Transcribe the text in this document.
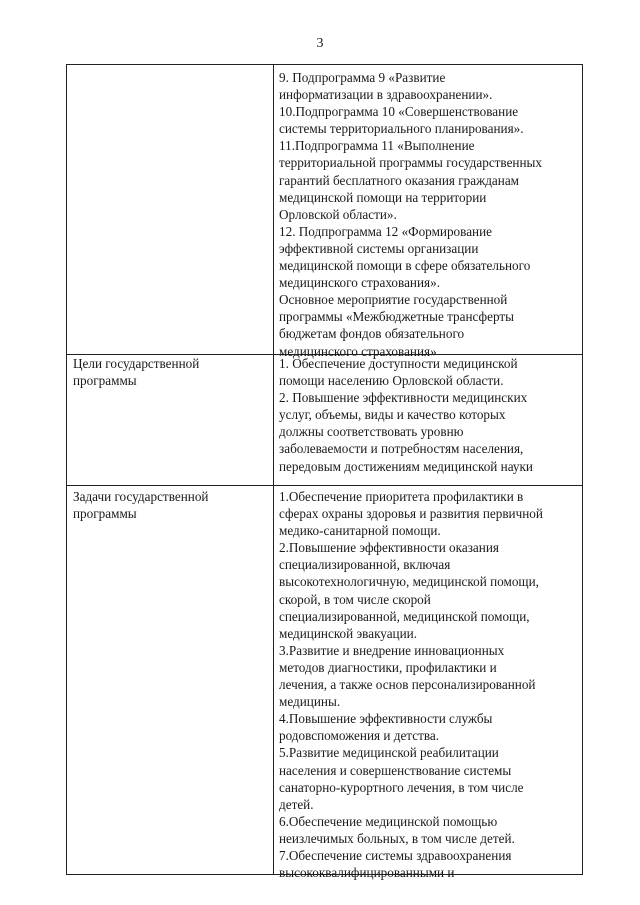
3
9. Подпрограмма 9 «Развитие
информатизации в здравоохранении».
10.Подпрограмма 10 «Совершенствование
системы территориального планирования».
11.Подпрограмма 11 «Выполнение
территориальной программы государственных
гарантий бесплатного оказания гражданам
медицинской помощи на территории
Орловской области».
12. Подпрограмма 12 «Формирование
эффективной системы организации
медицинской помощи в сфере обязательного
медицинского страхования».
Основное мероприятие государственной
программы «Межбюджетные трансферты
бюджетам фондов обязательного
медицинского страхования»
Цели государственной
программы
1. Обеспечение доступности медицинской
помощи населению Орловской области.
2. Повышение эффективности медицинских
услуг, объемы, виды и качество которых
должны соответствовать уровню
заболеваемости и потребностям населения,
передовым достижениям медицинской науки
Задачи государственной
программы
1.Обеспечение приоритета профилактики в
сферах охраны здоровья и развития первичной
медико-санитарной помощи.
2.Повышение эффективности оказания
специализированной, включая
высокотехнологичную, медицинской помощи,
скорой, в том числе скорой
специализированной, медицинской помощи,
медицинской эвакуации.
3.Развитие и внедрение инновационных
методов диагностики, профилактики и
лечения, а также основ персонализированной
медицины.
4.Повышение эффективности службы
родовспоможения и детства.
5.Развитие медицинской реабилитации
населения и совершенствование системы
санаторно-курортного лечения, в том числе
детей.
6.Обеспечение медицинской помощью
неизлечимых больных, в том числе детей.
7.Обеспечение системы здравоохранения
высококвалифицированными и
